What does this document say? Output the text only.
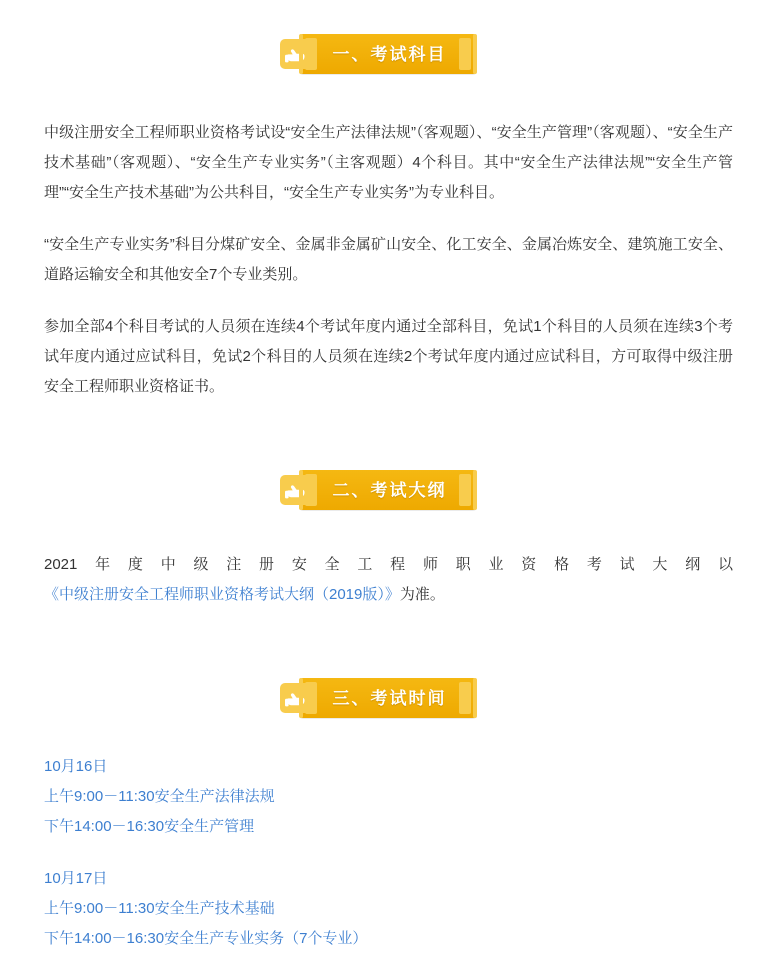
一、考试科目

中级注册安全工程师职业资格考试设“安全生产法律法规”（客观题）、“安全生产管理”（客观题）、“安全生产技术基础”（客观题）、“安全生产专业实务”（主客观题）4个科目。其中“安全生产法律法规”“安全生产管理”“安全生产技术基础”为公共科目，“安全生产专业实务”为专业科目。

“安全生产专业实务”科目分煤矿安全、金属非金属矿山安全、化工安全、金属冶炼安全、建筑施工安全、道路运输安全和其他安全7个专业类别。

参加全部4个科目考试的人员须在连续4个考试年度内通过全部科目，免试1个科目的人员须在连续3个考试年度内通过应试科目，免试2个科目的人员须在连续2个考试年度内通过应试科目，方可取得中级注册安全工程师职业资格证书。

二、考试大纲

2021年度中级注册安全工程师职业资格考试大纲以《中级注册安全工程师职业资格考试大纲（2019版）》为准。

三、考试时间

10月16日

上午9:00－11:30安全生产法律法规

下午14:00－16:30安全生产管理

10月17日

上午9:00－11:30安全生产技术基础

下午14:00－16:30安全生产专业实务（7个专业）
